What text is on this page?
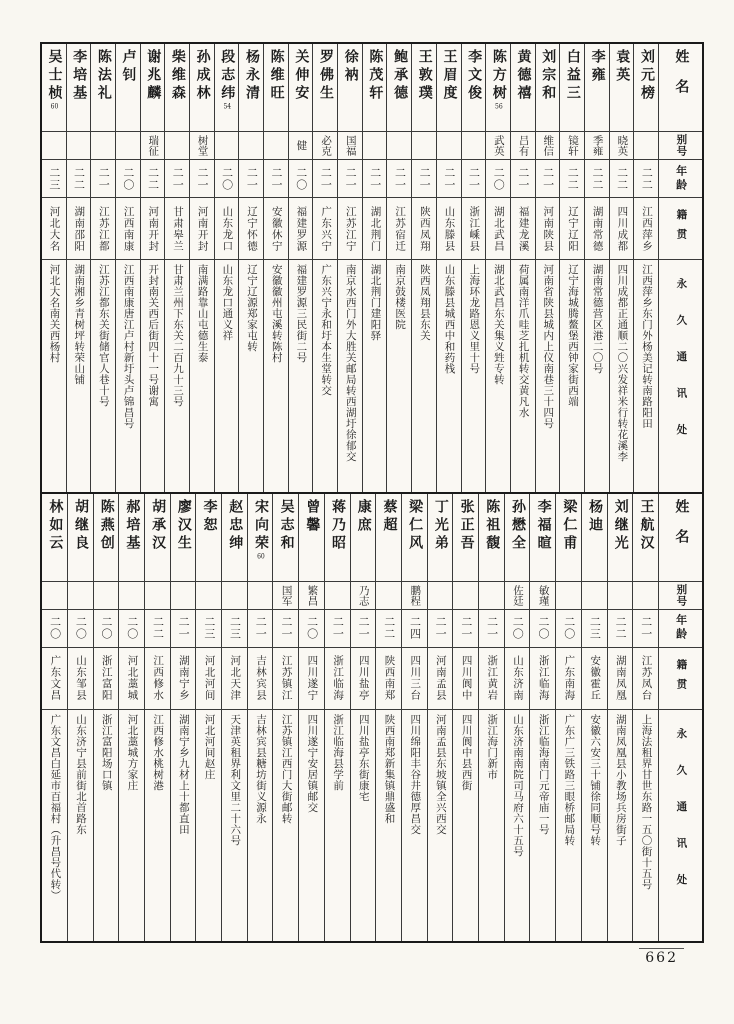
姓名
别号
年龄
籍贯
永久通讯处
刘元榜
二二
江西萍乡
江西萍乡东门外杨美记转南路阳田
袁英
晓英
二二
四川成都
四川成都正通顺二〇兴发祥米行转花溪李
李雍
季雍
二二
湖南常德
湖南常德营区港二〇号
白益三
镜轩
二二
辽宁辽阳
辽宁海城腾鳌堡西钟家街西端
刘宗和
维信
二一
河南陕县
河南省陕县城内上仪南巷三十四号
黄德禧
吕有
二一
福建龙溪
荷属南洋爪哇芝扎机转交黄凡水
陈方树56
武英
二〇
湖北武昌
湖北武昌东关集义甡专转
李文俊
二一
浙江嵊县
上海环龙路恩义里十号
王眉度
二一
山东滕县
山东滕县城西中和药栈
王敦璞
二一
陕西凤翔
陕西凤翔县东关
鲍承德
二一
江苏宿迁
南京鼓楼医院
陈茂轩
二一
湖北荆门
湖北荆门建阳驿
徐衲
国福
二一
江苏江宁
南京水西门外大胜关邮局转西湖圩徐郁交
罗佛生
必克
二一
广东兴宁
广东兴宁永和圩本生堂转交
关伸安
健
二〇
福建罗源
福建罗源三民街二号
陈维旺
二一
安徽休宁
安徽徽州屯溪转陈村
杨永清
二一
辽宁怀德
辽宁辽源郑家屯转
段志纬54
二〇
山东龙口
山东龙口通义祥
孙成林
树堂
二一
河南开封
南满路靠山屯德生泰
柴维森
二一
甘肃皋兰
甘肃兰州下东关二百九十三号
谢兆麟
瑞征
二二
河南开封
开封南关西后街四十一号谢寓
卢钊
二〇
江西南康
江西南康唐江卢村新圩头卢锦昌号
陈法礼
二一
江苏江都
江苏江都东关街储官人巷十号
李培基
二二
湖南邵阳
湖南湘乡青树坪转荣山铺
吴士桢60
二三
河北大名
河北大名南关西杨村
姓名
别号
年龄
籍贯
永久通讯处
王航汉
二一
江苏凤台
上海法租界甘世东路一五〇街十五号
刘继光
二二
湖南凤凰
湖南凤凰县小教场兵房街子
杨迪
二三
安徽霍丘
安徽六安三十铺徐同顺号转
梁仁甫
二〇
广东南海
广东广三铁路三眼桥邮局转
李福暄
敏瑾
二〇
浙江临海
浙江临海南门元帝庙一号
孙懋全
佐廷
二〇
山东济南
山东济南南院司马府六十五号
陈祖馥
二一
浙江黄岩
浙江海门新市
张正吾
二一
四川阆中
四川阆中县西街
丁光弟
二一
河南孟县
河南孟县东坡镇全兴西交
梁仁风
鹏程
二四
四川三台
四川绵阳丰谷井德厚昌交
蔡超
二二
陕西南郑
陕西南郑新集镇鼎盛和
康庶
乃志
二一
四川盐亭
四川盐亭东街康宅
蒋乃昭
二一
浙江临海
浙江临海县学前
曾馨
繁昌
二〇
四川遂宁
四川遂宁安居镇邮交
吴志和
国军
二一
江苏镇江
江苏镇江西门大街邮转
宋向荣60
二一
吉林宾县
吉林宾县糖坊街义源永
赵忠绅
二三
河北天津
天津英租界利文里二十六号
李恕
二三
河北河间
河北河间赵庄
廖汉生
二一
湖南宁乡
湖南宁乡九材上十都直田
胡承汉
二二
江西修水
江西修水桃树港
郝培基
二〇
河北藁城
河北藁城方家庄
陈燕创
二〇
浙江富阳
浙江富阳场口镇
胡继良
二〇
山东邹县
山东济宁县前街北首路东
林如云
二〇
广东文昌
广东文昌白延市百福村（升昌号代转）
662
